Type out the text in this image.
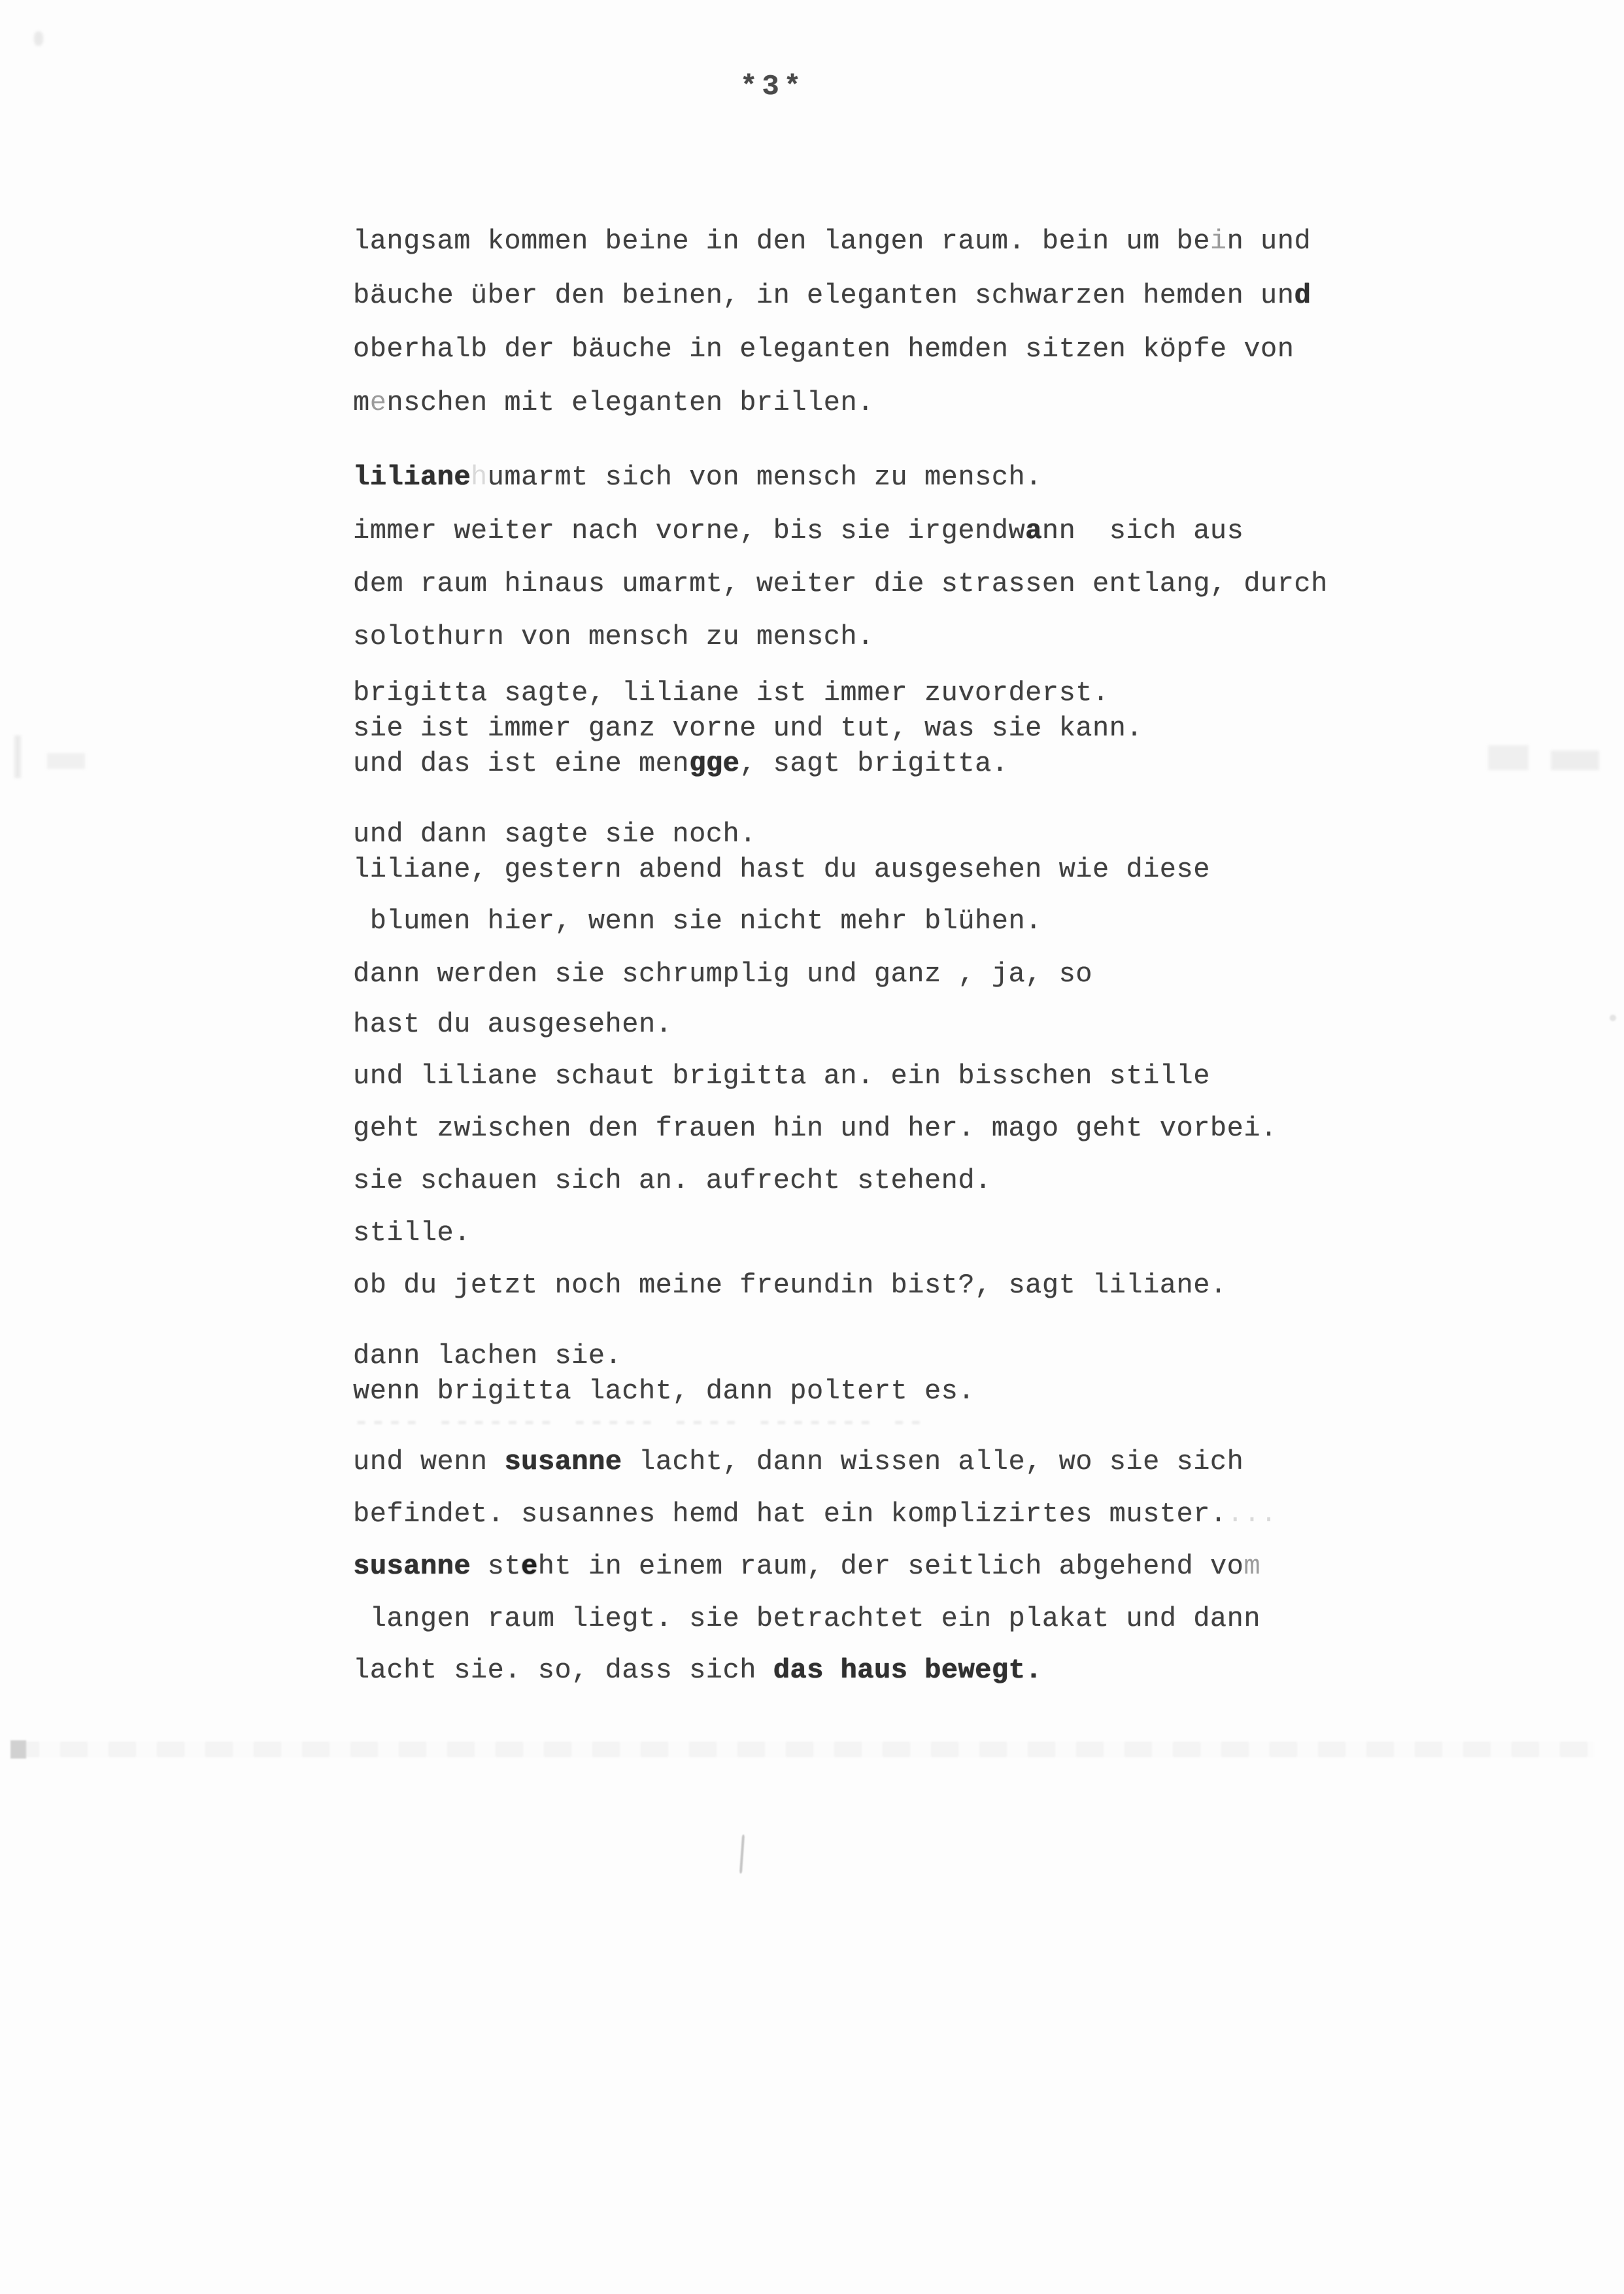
*3*
langsam kommen beine in den langen raum. bein um bein und
bäuche über den beinen, in eleganten schwarzen hemden und
oberhalb der bäuche in eleganten hemden sitzen köpfe von
menschen mit eleganten brillen.
lilianehumarmt sich von mensch zu mensch.
immer weiter nach vorne, bis sie irgendwann  sich aus
dem raum hinaus umarmt, weiter die strassen entlang, durch
solothurn von mensch zu mensch.
brigitta sagte, liliane ist immer zuvorderst.
sie ist immer ganz vorne und tut, was sie kann.
und das ist eine mengge, sagt brigitta.
und dann sagte sie noch.
liliane, gestern abend hast du ausgesehen wie diese
blumen hier, wenn sie nicht mehr blühen.
dann werden sie schrumplig und ganz , ja, so
hast du ausgesehen.
und liliane schaut brigitta an. ein bisschen stille
geht zwischen den frauen hin und her. mago geht vorbei.
sie schauen sich an. aufrecht stehend.
stille.
ob du jetzt noch meine freundin bist?, sagt liliane.
dann lachen sie.
wenn brigitta lacht, dann poltert es.
---- ------- ----- ---- ------- --
und wenn susanne lacht, dann wissen alle, wo sie sich
befindet. susannes hemd hat ein komplizirtes muster....
susanne steht in einem raum, der seitlich abgehend vom
langen raum liegt. sie betrachtet ein plakat und dann
lacht sie. so, dass sich das haus bewegt.
